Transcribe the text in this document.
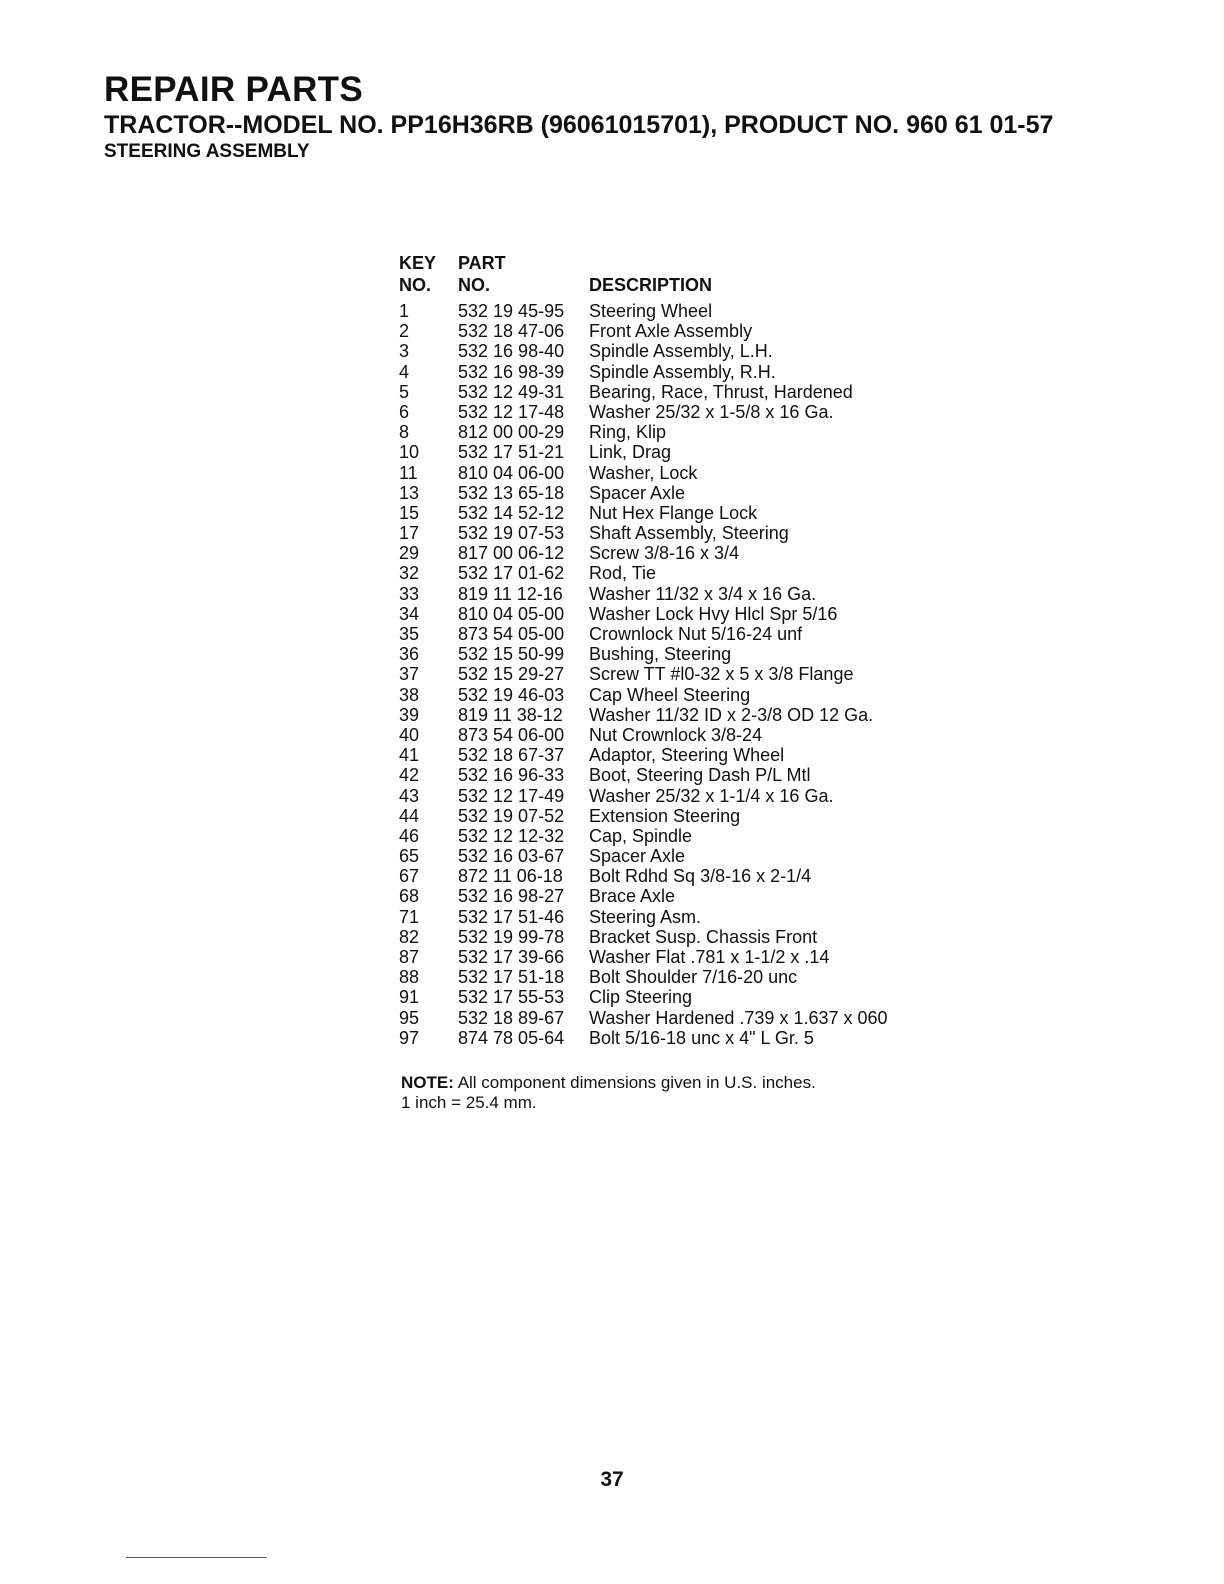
REPAIR PARTS
TRACTOR--MODEL NO. PP16H36RB (96061015701), PRODUCT NO. 960 61 01-57
STEERING ASSEMBLY
KEY PART
NO. NO.	DESCRIPTION
1	532 19 45-95 Steering Wheel
2	532 18 47-06 Front Axle Assembly
3	532 16 98-40 Spindle Assembly, L.H.
4	532 16 98-39 Spindle Assembly, R.H.
5	532 12 49-31 Bearing, Race, Thrust, Hardened
6	532 12 17-48 Washer 25/32 x 1-5/8 x 16 Ga.
8	812 00 00-29 Ring, Klip
10 532 17 51-21 Link, Drag
11 810 04 06-00 Washer, Lock
13 532 13 65-18 Spacer Axle
15 532 14 52-12 Nut Hex Flange Lock
17 532 19 07-53 Shaft Assembly, Steering
29 817 00 06-12 Screw 3/8-16 x 3/4
32 532 17 01-62 Rod, Tie
33 819 11 12-16 Washer 11/32 x 3/4 x 16 Ga.
34 810 04 05-00 Washer Lock Hvy Hlcl Spr 5/16
35 873 54 05-00 Crownlock Nut 5/16-24 unf
36 532 15 50-99 Bushing, Steering
37 532 15 29-27 Screw TT #l0-32 x 5 x 3/8 Flange
38 532 19 46-03 Cap Wheel Steering
39 819 11 38-12 Washer 11/32 ID x 2-3/8 OD 12 Ga.
40 873 54 06-00 Nut Crownlock 3/8-24
41 532 18 67-37 Adaptor, Steering Wheel
42 532 16 96-33 Boot, Steering Dash P/L Mtl
43 532 12 17-49 Washer 25/32 x 1-1/4 x 16 Ga.
44 532 19 07-52 Extension Steering
46 532 12 12-32 Cap, Spindle
65 532 16 03-67 Spacer Axle
67 872 11 06-18 Bolt Rdhd Sq 3/8-16 x 2-1/4
68 532 16 98-27 Brace Axle
71 532 17 51-46 Steering Asm.
82 532 19 99-78 Bracket Susp. Chassis Front
87 532 17 39-66 Washer Flat .781 x 1-1/2 x .14
88 532 17 51-18 Bolt Shoulder 7/16-20 unc
91 532 17 55-53 Clip Steering
95 532 18 89-67 Washer Hardened .739 x 1.637 x 060
97 874 78 05-64 Bolt 5/16-18 unc x 4" L Gr. 5
NOTE: All component dimensions given in U.S. inches.
1 inch = 25.4 mm.
37
